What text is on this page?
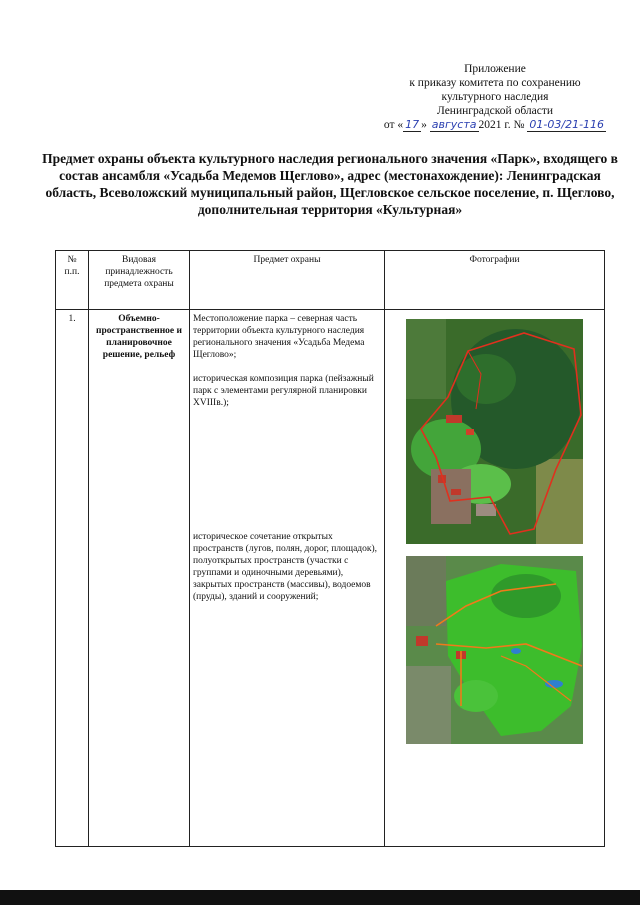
Приложение
к приказу комитета по сохранению
культурного наследия
Ленинградской области
от « 17 » августа 2021 г. № 01-03/21-116
Предмет охраны объекта культурного наследия регионального значения «Парк», входящего в состав ансамбля «Усадьба Медемов Щеглово», адрес (местонахождение): Ленинградская область, Всеволожский муниципальный район, Щегловское сельское поселение, п. Щеглово, дополнительная территория «Культурная»
№ п.п.	Видовая принадлежность предмета охраны	Предмет охраны	Фотографии
1.	Объемно-пространственное и планировочное решение, рельеф	Местоположение парка – северная часть территории объекта культурного наследия регионального значения «Усадьба Медема Щеглово»;

историческая композиция парка (пейзажный парк с элементами регулярной планировки XVIIIв.);

историческое сочетание открытых пространств (лугов, полян, дорог, площадок), полуоткрытых пространств (участки с группами и одиночными деревьями), закрытых пространств (массивы), водоемов (пруды), зданий и сооружений;
